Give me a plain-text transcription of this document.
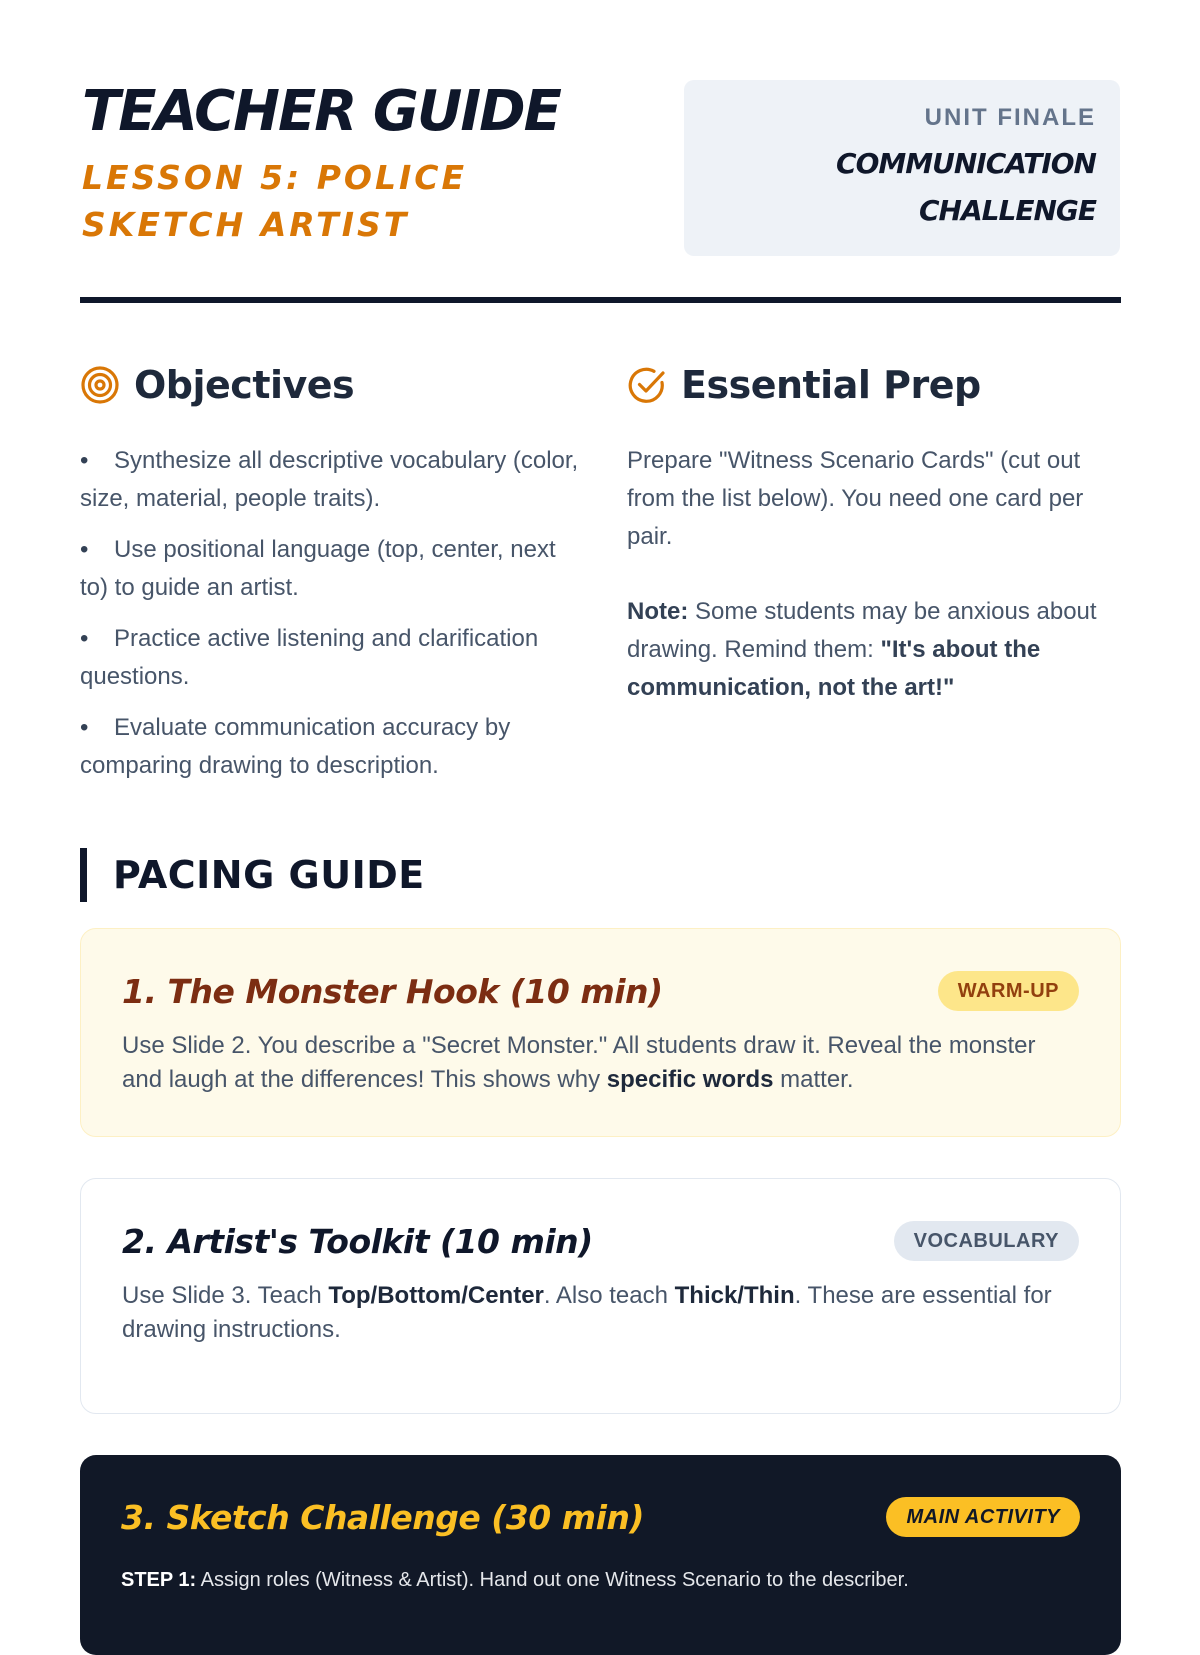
TEACHER GUIDE
LESSON 5: POLICE SKETCH ARTIST
UNIT FINALE
COMMUNICATION CHALLENGE
Objectives
• Synthesize all descriptive vocabulary (color, size, material, people traits).
• Use positional language (top, center, next to) to guide an artist.
• Practice active listening and clarification questions.
• Evaluate communication accuracy by comparing drawing to description.
Essential Prep
Prepare "Witness Scenario Cards" (cut out from the list below). You need one card per pair.
Note: Some students may be anxious about drawing. Remind them: "It's about the communication, not the art!"
PACING GUIDE
1. The Monster Hook (10 min)	WARM-UP
Use Slide 2. You describe a "Secret Monster." All students draw it. Reveal the monster and laugh at the differences! This shows why specific words matter.
2. Artist's Toolkit (10 min)	VOCABULARY
Use Slide 3. Teach Top/Bottom/Center. Also teach Thick/Thin. These are essential for drawing instructions.
3. Sketch Challenge (30 min)	MAIN ACTIVITY
STEP 1: Assign roles (Witness & Artist). Hand out one Witness Scenario to the describer.
